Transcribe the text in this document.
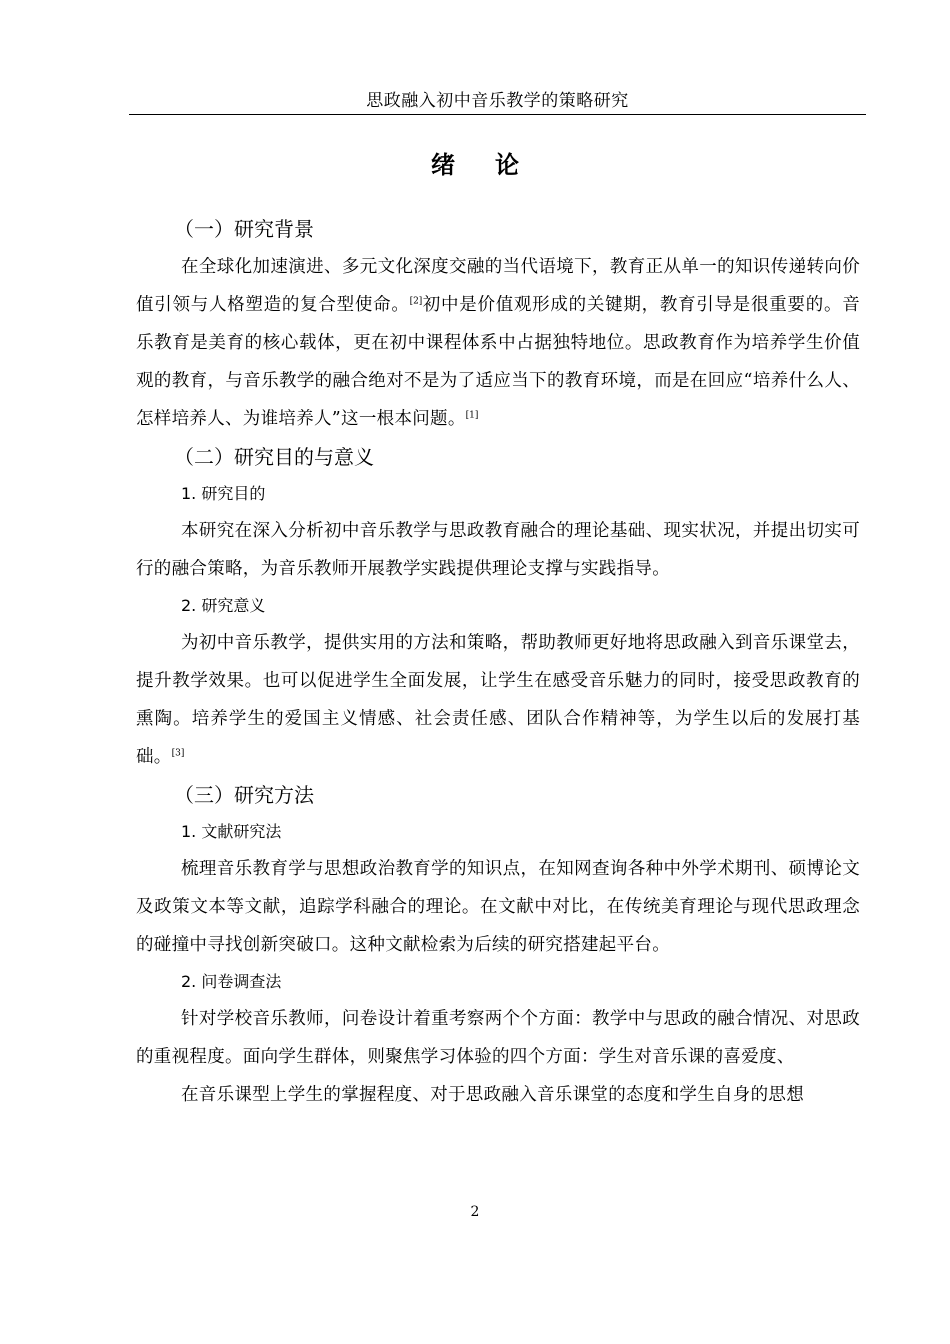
思政融入初中音乐教学的策略研究
绪论
（一）研究背景

在全球化加速演进、多元文化深度交融的当代语境下，教育正从单一的知识传递转向价值引领与人格塑造的复合型使命。[2]初中是价值观形成的关键期，教育引导是很重要的。音乐教育是美育的核心载体，更在初中课程体系中占据独特地位。思政教育作为培养学生价值观的教育，与音乐教学的融合绝对不是为了适应当下的教育环境，而是在回应“培养什么人、怎样培养人、为谁培养人”这一根本问题。[1]

（二）研究目的与意义
1. 研究目的

本研究在深入分析初中音乐教学与思政教育融合的理论基础、现实状况，并提出切实可行的融合策略，为音乐教师开展教学实践提供理论支撑与实践指导。

2. 研究意义

为初中音乐教学，提供实用的方法和策略，帮助教师更好地将思政融入到音乐课堂去，提升教学效果。也可以促进学生全面发展，让学生在感受音乐魅力的同时，接受思政教育的熏陶。培养学生的爱国主义情感、社会责任感、团队合作精神等，为学生以后的发展打基础。[3]

（三）研究方法
1. 文献研究法

梳理音乐教育学与思想政治教育学的知识点，在知网查询各种中外学术期刊、硕博论文及政策文本等文献，追踪学科融合的理论。在文献中对比，在传统美育理论与现代思政理念的碰撞中寻找创新突破口。这种文献检索为后续的研究搭建起平台。

2. 问卷调查法

针对学校音乐教师，问卷设计着重考察两个个方面：教学中与思政的融合情况、对思政的重视程度。面向学生群体，则聚焦学习体验的四个方面：学生对音乐课的喜爱度、

在音乐课型上学生的掌握程度、对于思政融入音乐课堂的态度和学生自身的思想

2
